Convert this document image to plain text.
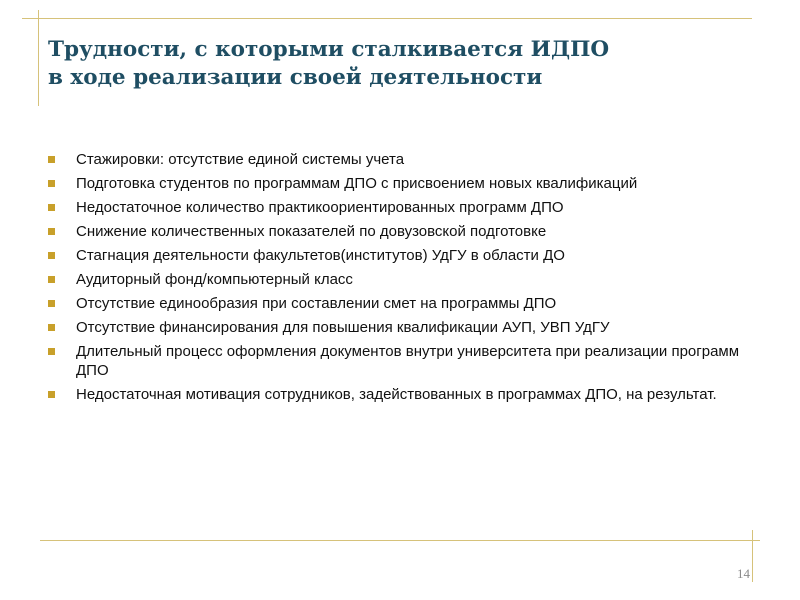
Трудности, с которыми сталкивается ИДПО
в ходе реализации своей деятельности
Стажировки: отсутствие единой системы учета
Подготовка студентов по программам ДПО с присвоением новых квалификаций
Недостаточное количество практикоориентированных программ ДПО
Снижение количественных показателей по довузовской подготовке
Стагнация деятельности факультетов(институтов) УдГУ в области ДО
Аудиторный фонд/компьютерный класс
Отсутствие единообразия при составлении смет на программы ДПО
Отсутствие финансирования для повышения квалификации АУП, УВП УдГУ
Длительный процесс оформления документов внутри университета при реализации программ ДПО
Недостаточная мотивация сотрудников, задействованных в программах ДПО, на результат.
14
